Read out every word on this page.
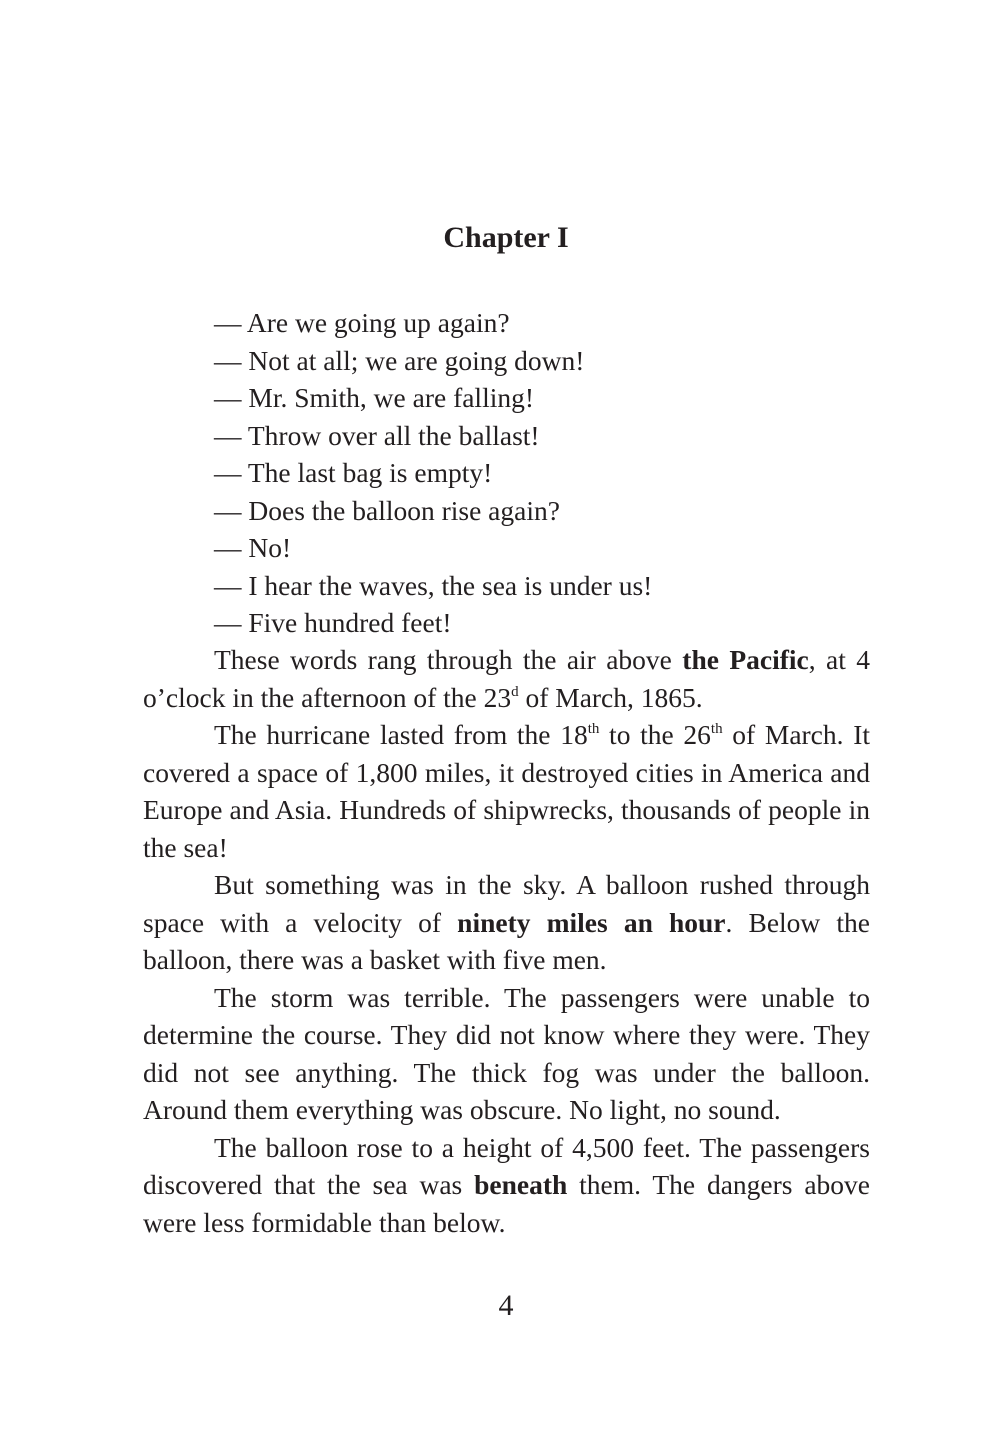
Chapter I
— Are we going up again?
— Not at all; we are going down!
— Mr. Smith, we are falling!
— Throw over all the ballast!
— The last bag is empty!
— Does the balloon rise again?
— No!
— I hear the waves, the sea is under us!
— Five hundred feet!

These words rang through the air above the Pacific, at 4 o’clock in the afternoon of the 23$^d$ of March, 1865.

The hurricane lasted from the 18th to the 26th of March. It covered a space of 1,800 miles, it destroyed cities in America and Europe and Asia. Hundreds of shipwrecks, thousands of people in the sea!

But something was in the sky. A balloon rushed through space with a velocity of ninety miles an hour. Below the balloon, there was a basket with five men.

The storm was terrible. The passengers were unable to determine the course. They did not know where they were. They did not see anything. The thick fog was under the balloon. Around them everything was obscure. No light, no sound.

The balloon rose to a height of 4,500 feet. The passengers discovered that the sea was beneath them. The dangers above were less formidable than below.

4
